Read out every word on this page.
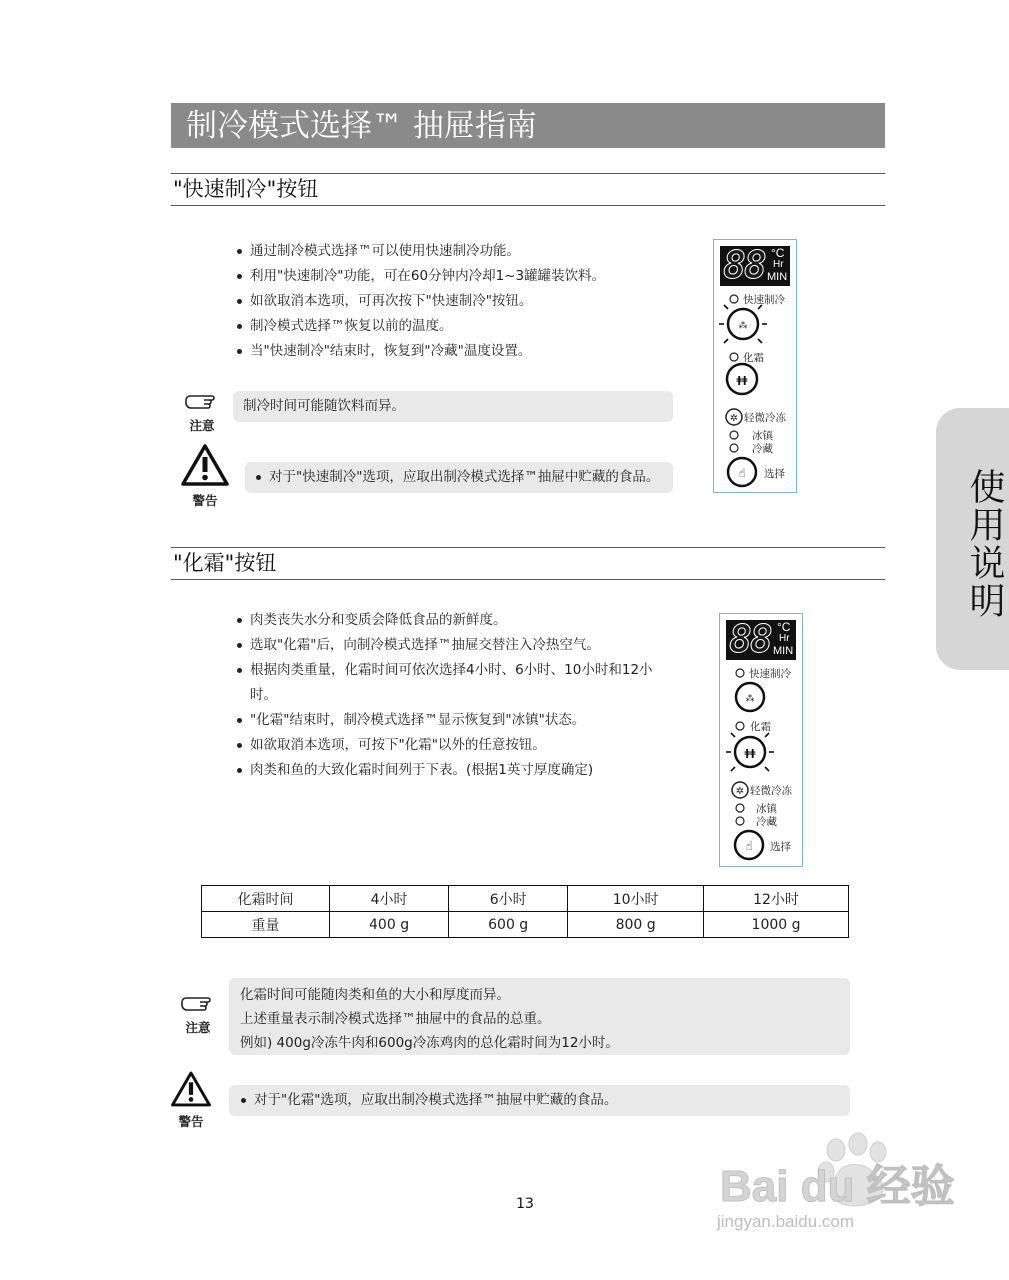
制冷模式选择™ 抽屉指南
"快速制冷"按钮
通过制冷模式选择™可以使用快速制冷功能。
利用"快速制冷"功能，可在60分钟内冷却1~3罐罐装饮料。
如欲取消本选项，可再次按下"快速制冷"按钮。
制冷模式选择™恢复以前的温度。
当"快速制冷"结束时，恢复到"冷藏"温度设置。
注意
制冷时间可能随饮料而异。
警告
对于"快速制冷"选项，应取出制冷模式选择™抽屉中贮藏的食品。
88 °C
Hr
MIN
⁂
ǂǂ
✲
☝
快速制冷
化霜
轻微冷冻
冰镇
冷藏
选择	使用说明
"化霜"按钮
肉类丧失水分和变质会降低食品的新鲜度。
选取"化霜"后，向制冷模式选择™抽屉交替注入冷热空气。
根据肉类重量，化霜时间可依次选择4小时、6小时、10小时和12小时。
"化霜"结束时，制冷模式选择™显示恢复到"冰镇"状态。
如欲取消本选项，可按下"化霜"以外的任意按钮。
肉类和鱼的大致化霜时间列于下表。(根据1英寸厚度确定)
88 °C
Hr
MIN
⁂
ǂǂ
✲
☝
快速制冷
化霜
轻微冷冻
冰镇
冷藏
选择
化霜时间	4小时	6小时	10小时	12小时
重量	400 g	600 g	800 g	1000 g
注意
化霜时间可能随肉类和鱼的大小和厚度而异。
上述重量表示制冷模式选择™抽屉中的食品的总重。
例如) 400g冷冻牛肉和600g冷冻鸡肉的总化霜时间为12小时。
警告
对于"化霜"选项，应取出制冷模式选择™抽屉中贮藏的食品。
13	Bai du 经验
jingyan.baidu.com
